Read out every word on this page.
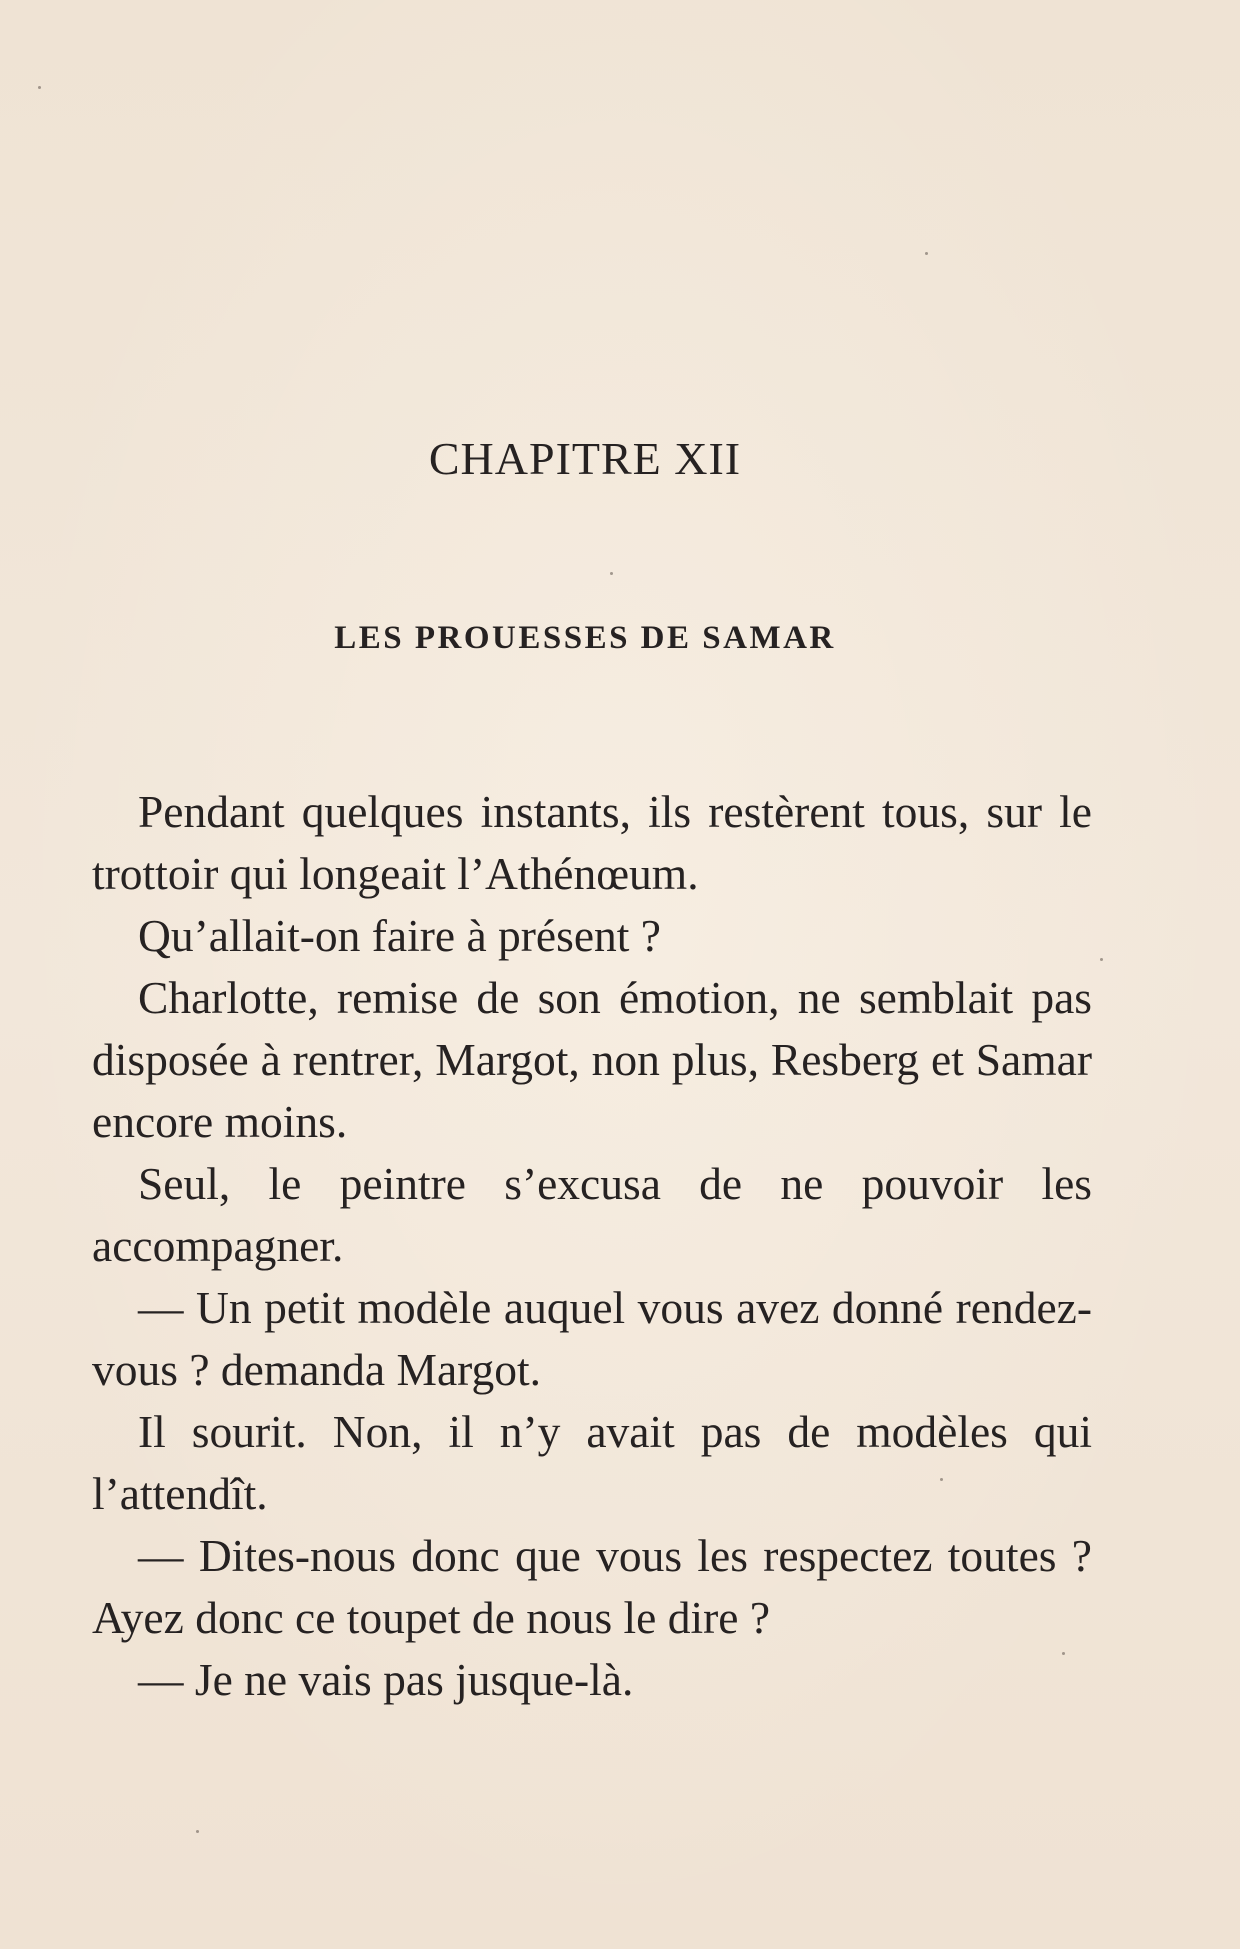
CHAPITRE XII
LES PROUESSES DE SAMAR

Pendant quelques instants, ils restèrent tous, sur le trottoir qui longeait l’Athénœum.

Qu’allait-on faire à présent ?

Charlotte, remise de son émotion, ne semblait pas disposée à rentrer, Margot, non plus, Resberg et Samar encore moins.

Seul, le peintre s’excusa de ne pouvoir les accompagner.

— Un petit modèle auquel vous avez donné rendez-vous ? demanda Margot.

Il sourit. Non, il n’y avait pas de modèles qui l’attendît.

— Dites-nous donc que vous les respectez toutes ? Ayez donc ce toupet de nous le dire ?

— Je ne vais pas jusque-là.
